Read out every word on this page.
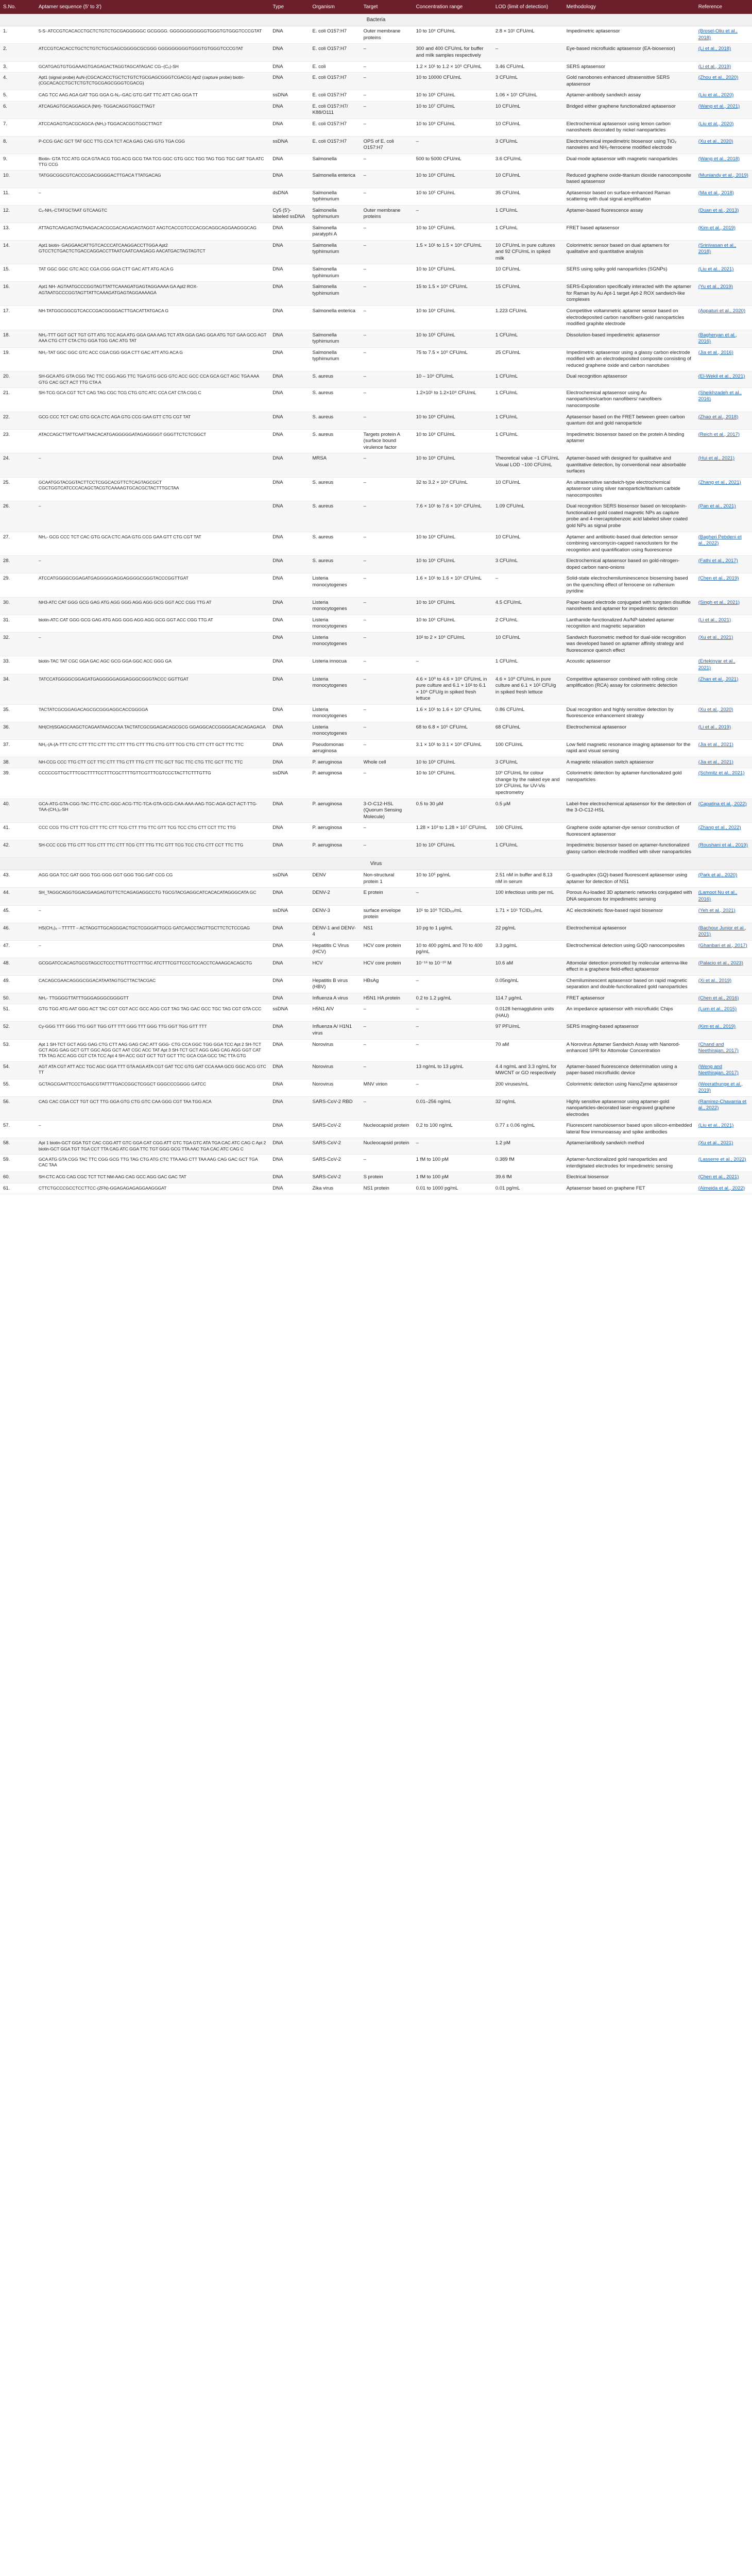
S.No.	Aptamer sequence (5′ to 3′)	Type	Organism	Target	Concentration range	LOD (limit of detection)	Methodology	Reference
Bacteria								
1.	5-S- ATCCGTCACACCTGCTCTGTCTGCGAGGGGGC GCGGGG. GGGGGGGGGGGTGGGTGTGGGTCCCGTAT	DNA	E. coli O157:H7	Outer membrane proteins	10 to 10⁸ CFU/mL	2.8 × 10¹ CFU/mL	Impedimetric aptasensor	(Brosel-Oliu et al., 2018)
2.	ATCCGTCACACCTGCTCTGTCTGCGAGCGGGGCGCGGG GGGGGGGGGTGGGTGTGGGTCCCGTAT	DNA	E. coli O157:H7	–	300 and 400 CFU/mL for buffer and milk samples respectively	–	Eye-based microfluidic aptasensor (EA-biosensor)	(Li et al., 2018)
3.	GCATGAGTGTGGAAAGTGAGAGACTAGGTAGCATAGAC CG–(C₆)-SH	DNA	E. coli	–	1.2 × 10¹ to 1.2 × 10⁵ CFU/mL	3.46 CFU/mL	SERS aptasensor	(Li et al., 2019)
4.	Apt1 (signal probe) AuN-(CGCACACCTGCTCTGTCTGCGAGCGGGTCGACG) Apt2 (capture probe) biotin-(CGCACACCTGCTCTGTCTGCGAGCGGGTCGACG)	DNA	E. coli O157:H7	–	10 to 10000 CFU/mL	3 CFU/mL	Gold nanobones enhanced ultrasensitive SERS aptasensor	(Zhou et al., 2020)
5.	CAG TCC AAG AGA GAT TGG GGA G-N₂–GAC GTG GAT TTC ATT CAG GGA TT	ssDNA	E. coli O157:H7	–	10 to 10⁶ CFU/mL	1.06 × 10¹ CFU/mL	Aptamer-antibody sandwich assay	(Liu et al., 2020)
6.	ATCAGAGTGCAGGAGCA (NH)- TGGACAGGTGGCTTAGT	DNA	E. coli O157:H7/ K88/O111	–	10 to 10⁷ CFU/mL	10 CFU/mL	Bridged either graphene functionalized aptasensor	(Wang et al., 2021)
7.	ATCCAGAGTGACGCAGCA-(NH₂)-TGGACACGGTGGCTTAGT	DNA	E. coli O157:H7	–	10 to 10⁸ CFU/mL	10 CFU/mL	Electrochemical aptasensor using lemon carbon nanosheets decorated by nickel nanoparticles	(Liu et al., 2020)
8.	P-CCG GAC GCT TAT GCC TTG CCA TCT ACA GAG CAG GTG TGA CGG	ssDNA	E. coli O157:H7	OPS of E. coli O157:H7	–	3 CFU/mL	Electrochemical impedimetric biosensor using TiO₂ nanowires and NH₂-ferrocene modified electrode	(Xu et al., 2020)
9.	Biotin- GTA TCC ATG GCA GTA ACG TGG ACG GCG TAA TCG GGC GTG GCC TGG TAG TGG TGC GAT TGA ATC TTG CCG	DNA	Salmonella	–	500 to 5000 CFU/mL	3.6 CFU/mL	Dual-mode aptasensor with magnetic nanoparticles	(Wang et al., 2018)
10.	TATGGCGGCGTCACCCGACGGGGACTTGACA TTATGACAG	DNA	Salmonella enterica	–	10 to 10⁸ CFU/mL	10 CFU/mL	Reduced graphene oxide-titanium dioxide nanocomposite based aptasensor	(Muniandy et al., 2019)
11.	–	dsDNA	Salmonella typhimurium	–	10 to 10⁵ CFU/mL	35 CFU/mL	Aptasensor based on surface-enhanced Raman scattering with dual signal amplification	(Ma et al., 2018)
12.	C₆-NH₂-CTATGCTAAT GTCAAGTC	Cy5 (5′)- labeled ssDNA	Salmonella typhimurium	Outer membrane proteins	–	1 CFU/mL	Aptamer-based fluorescence assay	(Duan et al., 2013)
13.	ATTAGTCAAGAGTAGTAAGACACGCGACAGAGAGTAGGT AAGTCACCGTCCCACGCAGGCAGGAAGGGCAG	DNA	Salmonella paratyphi A	–	10 to 10⁶ CFU/mL	1 CFU/mL	FRET based aptasensor	(Kim et al., 2019)
14.	Apt1 biotin- GAGGAACATTGTCACCCATCAAGGACCTTGGA Apt2 GTCCTCTGACTCTGACCAGGACCTTAATCAATCAAGAGG AACATGACTAGTAGTCT	DNA	Salmonella typhimurium	–	1.5 × 10¹ to 1.5 × 10⁸ CFU/mL	10 CFU/mL in pure cultures and 92 CFU/mL in spiked milk	Colorimetric sensor based on dual aptamers for qualitative and quantitative analysis	(Srinivasan et al., 2018)
15.	TAT GGC GGC GTC ACC CGA CGG GGA CTT GAC ATT ATG ACA G	DNA	Salmonella typhimurium	–	10 to 10⁸ CFU/mL	10 CFU/mL	SERS using spiky gold nanoparticles (SGNPs)	(Liu et al., 2021)
16.	Apt1 NH- AGTAATGCCCGGTAGTTATTCAAAGATGAGTAGGAAAA GA Apt2 ROX-AGTAATGCCCGGTAGTTATTCAAAGATGAGTAGGAAAAGA	DNA	Salmonella typhimurium	–	15 to 1.5 × 10⁶ CFU/mL	15 CFU/mL	SERS-Exploration specifically interacted with the aptamer for Raman by Au Apt-1 target Apt-2 ROX sandwich-like complexes	(Yu et al., 2019)
17.	NH-TATGGCGGCGTCACCCGACGGGGACTTGACATTATGACA G	DNA	Salmonella enterica	–	10 to 10⁸ CFU/mL	1.223 CFU/mL	Competitive voltammetric aptamer sensor based on electrodeposited carbon nanofibers-gold nanoparticles modified graphite electrode	(Appaturi et al., 2020)
18.	NH₂-TTT GGT GCT TGT GTT ATG TCC AGA ATG GGA GAA AAG TCT ATA GGA GAG GGA ATG TGT GAA GCG AGT AAA CTG CTT CTA CTG GGA TGG GAC ATG TAT	DNA	Salmonella typhimurium	–	10 to 10⁶ CFU/mL	1 CFU/mL	Dissolution-based impedimetric aptasensor	(Bagheryan et al., 2016)
19.	NH₂-TAT GGC GGC GTC ACC CGA CGG GGA CTT GAC ATT ATG ACA G	DNA	Salmonella typhimurium	–	75 to 7.5 × 10⁵ CFU/mL	25 CFU/mL	Impedimetric aptasensor using a glassy carbon electrode modified with an electrodeposited composite consisting of reduced graphene oxide and carbon nanotubes	(Jia et al., 2016)
20.	SH-GCA ATG GTA CGG TAC TTC CGG AGG TTC TGA GTG GCG GTC ACC GCC CCA GCA GCT AGC TGA AAA GTG CAC GCT ACT TTG CTA A	DNA	S. aureus	–	10 – 10⁶ CFU/mL	1 CFU/mL	Dual recognition aptasensor	(El-Wekil et al., 2021)
21.	SH-TCG GCA CGT TCT CAG TAG CGC TCG CTG GTC ATC CCA CAT CTA CGG C	DNA	S. aureus	–	1.2×10¹ to 1.2×10⁸ CFU/mL	1 CFU/mL	Electrochemical aptasensor using Au nanoparticles/carbon nanofibers/ nanofibers nanocomposite	(Sheikhzadeh et al., 2016)
22.	GCG CCC TCT CAC GTG GCA CTC AGA GTG CCG GAA GTT CTG CGT TAT	DNA	S. aureus	–	10 to 10⁸ CFU/mL	1 CFU/mL	Aptasensor based on the FRET between green carbon quantum dot and gold nanoparticle	(Zhao et al., 2018)
23.	ATACCAGCTTATTCAATTAACACATGAGGGGGATAGAGGGGT GGGTTCTCTCGGCT	DNA	S. aureus	Targets protein A (surface bound virulence factor	10 to 10⁸ CFU/mL	1 CFU/mL	Impedimetric biosensor based on the protein A binding aptamer	(Reich et al., 2017)
24.	–	DNA	MRSA	–	10 to 10⁸ CFU/mL	Theoretical value ~1 CFU/mL Visual LOD ~100 CFU/mL	Aptamer-based with designed for qualitative and quantitative detection, by conventional near absorbable surfaces	(Hui et al., 2021)
25.	GCAATGGTACGGTACTTCCTCGGCACGTTCTCAGTAGCGCT CGCTGGTCATCCCACAGCTACGTCAAAAGTGCACGCTACTTTGCTAA	DNA	S. aureus	–	32 to 3.2 × 10⁸ CFU/mL	10 CFU/mL	An ultrasensitive sandwich-type electrochemical aptasensor using silver nanoparticle/titanium carbide nanocomposites	(Zhang et al., 2021)
26.	–	DNA	S. aureus	–	7.6 × 10¹ to 7.6 × 10⁵ CFU/mL	1.09 CFU/mL	Dual recognition SERS biosensor based on teicoplanin-functionalized gold coated magnetic NPs as capture probe and 4-mercaptobenzoic acid labeled silver coated gold NPs as signal probe	(Pan et al., 2021)
27.	NH₂- GCG CCC TCT CAC GTG GCA CTC AGA GTG CCG GAA GTT CTG CGT TAT	DNA	S. aureus	–	10 to 10⁸ CFU/mL	10 CFU/mL	Aptamer and antibiotic-based dual detection sensor combining vancomycin-capped nanoclusters for the recognition and quantification using fluorescence	(Bagheri Pebdeni et al., 2022)
28.	–	DNA	S. aureus	–	10 to 10⁶ CFU/mL	3 CFU/mL	Electrochemical aptasensor based on gold-nitrogen-doped carbon nano-onions	(Fathi et al., 2017)
29.	ATCCATGGGGCGGAGATGAGGGGGAGGAGGGGCGGGTACCCGGTTGAT	DNA	Listeria monocytogenes	–	1.6 × 10¹ to 1.6 × 10⁶ CFU/mL	–	Solid-state electrochemiluminescence biosensing based on the quenching effect of ferrocene on ruthenium pyridine	(Chen et al., 2019)
30.	NH3-ATC CAT GGG GCG GAG ATG AGG GGG AGG AGG GCG GGT ACC CGG TTG AT	DNA	Listeria monocytogenes	–	10 to 10⁸ CFU/mL	4.5 CFU/mL	Paper-based electrode conjugated with tungsten disulfide nanosheets and aptamer for impedimetric detection	(Singh et al., 2021)
31.	biotin-ATC CAT GGG GCG GAG ATG AGG GGG AGG AGG GCG GGT ACC CGG TTG AT	DNA	Listeria monocytogenes	–	10 to 10⁶ CFU/mL	2 CFU/mL	Lanthanide-functionalized Au/NP-labeled aptamer recognition and magnetic separation	(Li et al., 2021)
32.	–	DNA	Listeria monocytogenes	–	10² to 2 × 10⁶ CFU/mL	10 CFU/mL	Sandwich fluorometric method for dual-side recognition was developed based on aptamer affinity strategy and fluorescence quench effect	(Xu et al., 2021)
33.	biotin-TAC TAT CGC GGA GAC AGC GCG GGA GGC ACC GGG GA	DNA	Listeria innocua	–	–	1 CFU/mL	Acoustic aptasensor	(Ertekinyar et al., 2021)
34.	TATCCATGGGGCGGAGATGAGGGGGAGGAGGGCGGGTACCC GGTTGAT	DNA	Listeria monocytogenes	–	4.6 × 10⁰ to 4.6 × 10⁶ CFU/mL in pure culture and 6.1 × 10² to 6.1 × 10⁶ CFU/g in spiked fresh lettuce	4.6 × 10⁰ CFU/mL in pure culture and 6.1 × 10² CFU/g in spiked fresh lettuce	Competitive aptasensor combined with rolling circle amplification (RCA) assay for colorimetric detection	(Zhan et al., 2021)
35.	TACTATCGCGGAGACAGCGCGGGAGGCACCGGGGA	DNA	Listeria monocytogenes	–	1.6 × 10¹ to 1.6 × 10⁶ CFU/mL	0.86 CFU/mL	Dual recognition and highly sensitive detection by fluorescence enhancement strategy	(Xu et al., 2020)
36.	NH(CH)SGAGCAAGCTCAGAATAAGCCAA TACTATCGCGGAGACAGCGCG GGAGGCACCGGGGACACAGAGAGA	DNA	Listeria monocytogenes	–	68 to 6.8 × 10⁵ CFU/mL	68 CFU/mL	Electrochemical aptasensor	(Li et al., 2019)
37.	NH₂-(A-(A-TTT CTC CTT TTC CTT TTC CTT TTG CTT TTG CTG GTT TCG CTG CTT CTT GCT TTC TTC	DNA	Pseudomonas aeruginosa	–	3.1 × 10¹ to 3.1 × 10⁶ CFU/mL	100 CFU/mL	Low field magnetic resonance imaging aptasensor for the rapid and visual sensing	(Jia et al., 2021)
38.	NH-CCG CCC TTG CTT CCT TTC CTT TTG CTT TTG CTT TTC GCT TGC TTC CTG TTC GCT TTC TTC	DNA	P. aeruginosa	Whole cell	10 to 10⁸ CFU/mL	3 CFU/mL	A magnetic relaxation switch aptasensor	(Jia et al., 2021)
39.	CCCCCGTTGCTTTCGCTTTTCCTTTCGCTTTTGTTCGTTTCGTCCCTACTTCTTTGTTG	ssDNA	P. aeruginosa	–	10 to 10⁶ CFU/mL	10³ CFU/mL for colour change by the naked eye and 10² CFU/mL for UV-Vis spectrometry	Colorimetric detection by aptamer-functionalized gold nanoparticles	(Schmitz et al., 2021)
40.	GCA-ATG-GTA-CGG-TAC-TTC-CTC-GGC-ACG-TTC-TCA-GTA-GCG-CAA-AAA-AAG-TGC-AGA-GCT-ACT-TTG-TAA-(CH₂)₆-SH	DNA	P. aeruginosa	3-O-C12-HSL (Quorum Sensing Molecule)	0.5 to 30 µM	0.5 µM	Label-free electrochemical aptasensor for the detection of the 3-O-C12-HSL	(Capatina et al., 2022)
41.	CCC CCG TTG CTT TCG CTT TTC CTT TCG CTT TTG TTC GTT TCG TCC CTG CTT CCT TTC TTG	DNA	P. aeruginosa	–	1.28 × 10³ to 1.28 × 10⁷ CFU/mL	100 CFU/mL	Graphene oxide aptamer-dye sensor construction of fluorescent aptasensor	(Zhang et al., 2022)
42.	SH-CCC CCG TTG CTT TCG CTT TTC CTT TCG CTT TTG TTC GTT TCG TCC CTG CTT CCT TTC TTG	DNA	P. aeruginosa	–	10 to 10⁶ CFU/mL	1 CFU/mL	Impedimetric biosensor based on aptamer-functionalized glassy carbon electrode modified with silver nanoparticles	(Roushani et al., 2019)
Virus								
43.	AGG GGA TCC GAT GGG TGG GGG GGT GGG TGG GAT CCG CG	ssDNA	DENV	Non-structural protein 1	10 to 10⁵ pg/mL	2.51 nM in buffer and 8.13 nM in serum	G-quadruplex (GQ)-based fluorescent aptasensor using aptamer for detection of NS1	(Park et al., 2020)
44.	SH_TAGGCAGGTGGACGAAGAGTGTTCTCAGAGAGGCCTG TGCGTACGAGGCATCACACATAGGGCATA GC	DNA	DENV-2	E protein	–	100 infectious units per mL	Porous Au-loaded 3D aptameric networks conjugated with DNA sequences for impedimetric sensing	(Lamoot Nu et al., 2016)
45.	–	ssDNA	DENV-3	surface envelope protein	10¹ to 10⁶ TCID₅₀/mL	1.71 × 10¹ TCID₅₀/mL	AC electrokinetic flow-based rapid biosensor	(Yeh et al., 2021)
46.	HS(CH₂)₆ – TTTTT – ACTAGGTTGCAGGGACTGCTCGGGATTGCG GATCAACCTAGTTGCTTCTCTCCGAG	DNA	DENV-1 and DENV-4	NS1	10 pg to 1 µg/mL	22 pg/mL	Electrochemical aptasensor	(Bachour Junior et al., 2021)
47.	–	DNA	Hepatitis C Virus (HCV)	HCV core protein	10 to 400 pg/mL and 70 to 400 pg/mL	3.3 pg/mL	Electrochemical detection using GQD nanocomposites	(Ghanbari et al., 2017)
48.	GCGGATCCACAGTGCGTAGCCTCCCTTGTTTCCTTTGC ATCTTTCGTTCCCTCCACCTCAAAGCACAGCTG	DNA	HCV	HCV core protein	10⁻¹⁶ to 10⁻¹⁰ M	10.6 aM	Attomolar detection promoted by molecular antenna-like effect in a graphene field-effect aptasensor	(Palacio et al., 2023)
49.	CACAGCGAACAGGGCGGACATAATAGTGCTTACTACGAC	DNA	Hepatitis B virus (HBV)	HBsAg	–	0.05ng/mL	Chemiluminescent aptasensor based on rapid magnetic separation and double-functionalized gold nanoparticles	(Xi et al., 2019)
50.	NH₂- TTGGGGTTATTTGGGAGGGCGGGGTT	DNA	Influenza A virus	H5N1 HA protein	0.2 to 1.2 µg/mL	114.7 µg/mL	FRET aptasensor	(Chen et al., 2016)
51.	GTG TGG ATG AAT GGG ACT TAC CGT CGT ACC GCC AGG CGT TAG TAG GAC GCC TGC TAG CGT GTA CCC	ssDNA	H5N1 AIV	–	–	0.0128 hemagglutinin units (HAU)	An impedance aptasensor with microfluidic Chips	(Lum et al., 2015)
52.	Cy-GGG TTT GGG TTG GGT TGG GTT TTT GGG TTT GGG TTG GGT TGG GTT TTT	DNA	Influenza A/ H1N1 virus	–	–	97 PFU/mL	SERS imaging-based aptasensor	(Kim et al., 2019)
53.	Apt 1 SH-TCT GCT AGG GAG CTG CTT AAG GAG CAC ATT GGG- CTG CCA GGC TGG GGA TCC Apt 2 SH-TCT GCT AGG GAG GCT GTT GGC AGG GCT AAT CGC ACC TAT Apt 3 SH-TCT GCT AGG GAG CAG AGG GGT CAT TTA TAG ACC AGG CGT CTA TCC Apt 4 SH-ACC GGT GCT TGT GCT TTC GCA CGA GCC TAC TTA GTG	DNA	Norovirus	–	–	70 aM	A Norovirus Aptamer Sandwich Assay with Nanorod-enhanced SPR for Attomolar Concentration	(Chand and Neethirajan, 2017)
54.	AGT ATA CGT ATT ACC TGC AGC GGA TTT GTA AGA ATA CGT GAT TCC GTG GAT CCA AAA GCG GGC ACG GTC TT	DNA	Norovirus	–	13 ng/mL to 13 µg/mL	4.4 ng/mL and 3.3 ng/mL for MWCNT or GO respectively	Aptamer-based fluorescence determination using a paper-based microfluidic device	(Weng and Neethirajan, 2017)
55.	GCTAGCGAATTCCCTGAGCGTATTTTGACCGGCTCGGCT GGGCCCGGGG GATCC	DNA	Norovirus	MNV virion	–	200 viruses/mL	Colorimetric detection using NanoZyme aptasensor	(Weerathunge et al., 2019)
56.	CAG CAC CGA CCT TGT GCT TTG GGA GTG CTG GTC CAA GGG CGT TAA TGG ACA	DNA	SARS-CoV-2 RBD	–	0.01–256 ng/mL	32 ng/mL	Highly sensitive aptasensor using aptamer-gold nanoparticles-decorated laser-engraved graphene electrodes	(Ramirez-Chavarria et al., 2022)
57.	–	DNA	SARS-CoV-2	Nucleocapsid protein	0.2 to 100 ng/mL	0.77 ± 0.06 ng/mL	Fluorescent nanobiosensor based upon silicon-embedded lateral flow immunoassay and spike antibodies	(Liu et al., 2021)
58.	Apt 1 biotin-GCT GGA TGT CAC CGG ATT GTC GGA CAT CGG ATT GTC TGA GTC ATA TGA CAC ATC CAG C Apt 2 biotin-GCT GGA TGT TGA CCT TTA CAG ATC GGA TTC TGT GGG GCG TTA AAC TGA CAC ATC CAG C	DNA	SARS-CoV-2	Nucleocapsid protein	–	1.2 pM	Aptamer/antibody sandwich method	(Xu et al., 2021)
59.	GCA ATG GTA CGG TAC TTC CGG GCG TTG TAG CTG ATG CTC TTA AAG CTT TAA AAG CAG GAC GCT TGA CAC TAA	DNA	SARS-CoV-2	–	1 fM to 100 pM	0.389 fM	Aptamer-functionalized gold nanoparticles and interdigitated electrodes for impedimetric sensing	(Lasserre et al., 2022)
60.	SH-CTC ACG CAG CGC TCT TCT NM-AAG CAG GCC AGG GAC GAC TAT	DNA	SARS-CoV-2	S protein	1 fM to 100 pM	39.6 fM	Electrical biosensor	(Chen et al., 2021)
61.	CTTCTGCCCGCCTCCTTCC-(ZFN)-GGAGAGAGAGGAAGGGAT	DNA	Zika virus	NS1 protein	0.01 to 1000 pg/mL	0.01 pg/mL	Aptasensor based on graphene FET	(Almeida et al., 2022)
